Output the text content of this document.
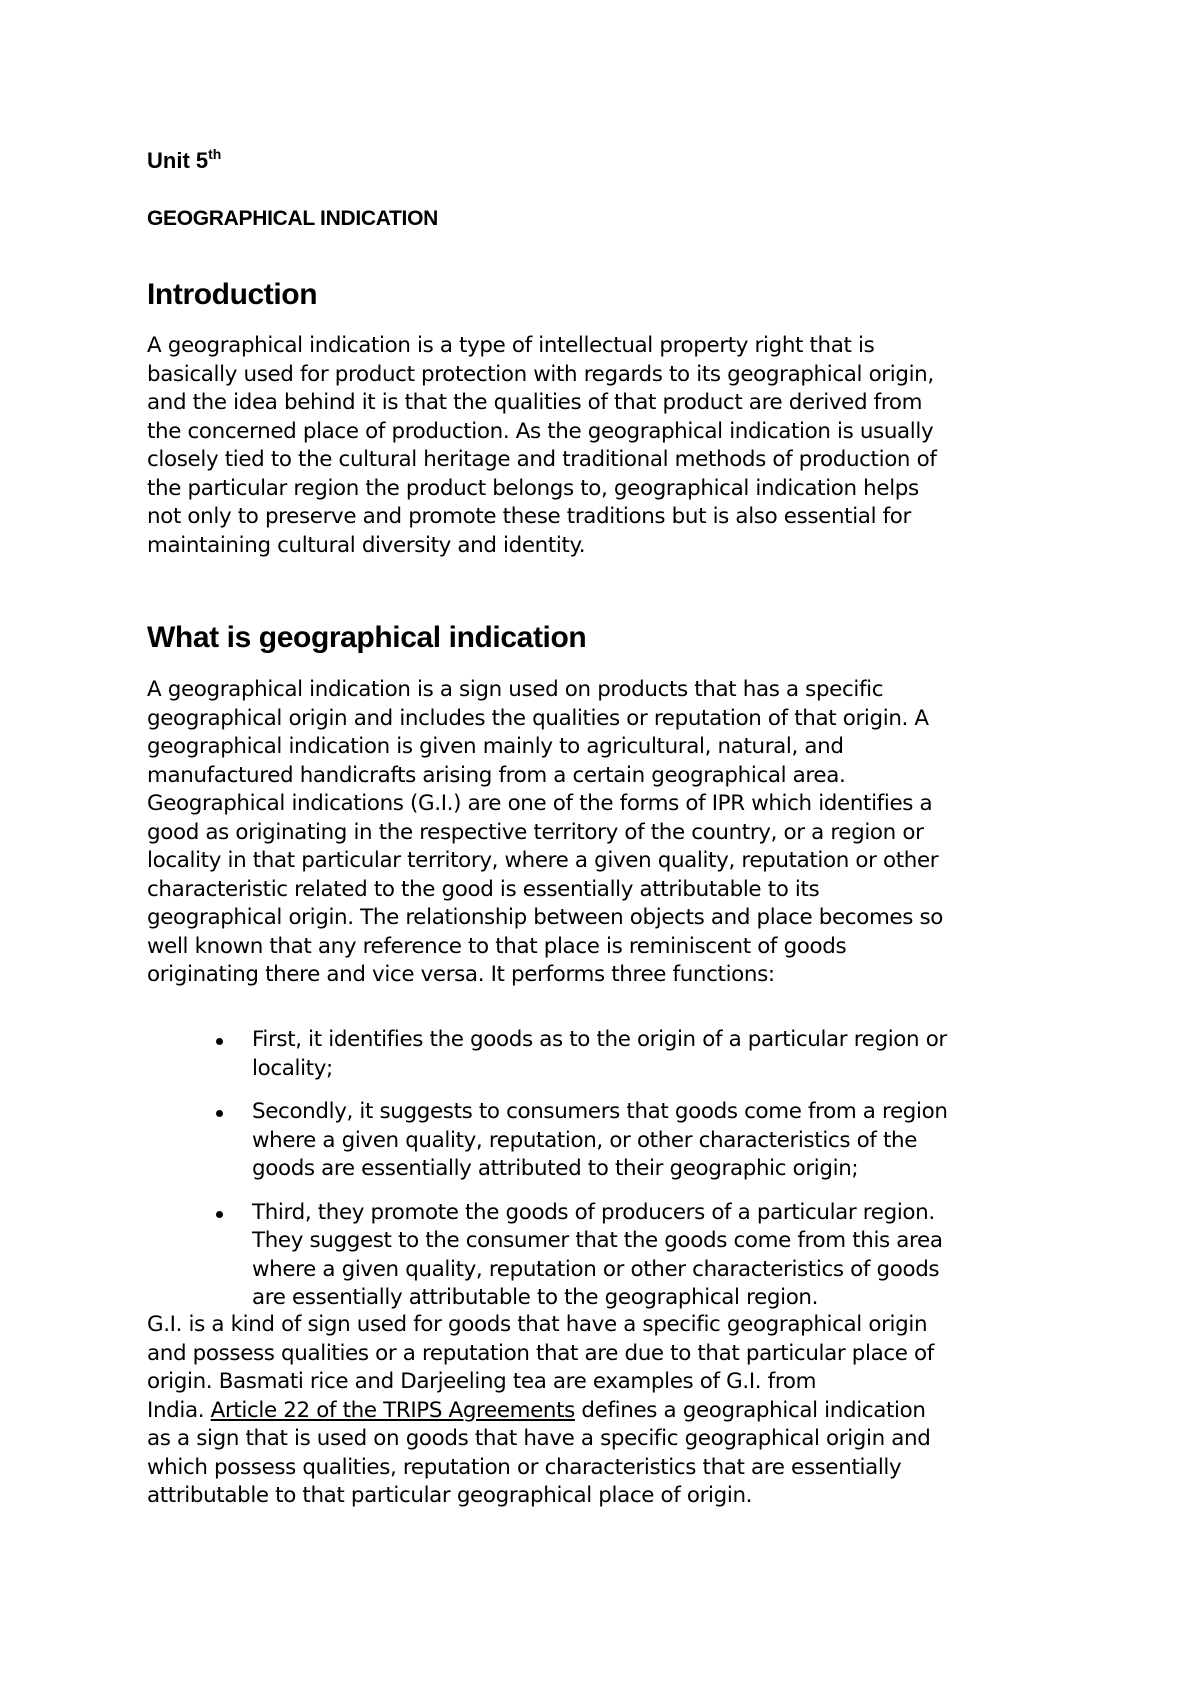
Unit 5th
GEOGRAPHICAL INDICATION
Introduction

A geographical indication is a type of intellectual property right that is
basically used for product protection with regards to its geographical origin,
and the idea behind it is that the qualities of that product are derived from
the concerned place of production. As the geographical indication is usually
closely tied to the cultural heritage and traditional methods of production of
the particular region the product belongs to, geographical indication helps
not only to preserve and promote these traditions but is also essential for
maintaining cultural diversity and identity.

What is geographical indication

A geographical indication is a sign used on products that has a specific
geographical origin and includes the qualities or reputation of that origin. A
geographical indication is given mainly to agricultural, natural, and
manufactured handicrafts arising from a certain geographical area.
Geographical indications (G.I.) are one of the forms of IPR which identifies a
good as originating in the respective territory of the country, or a region or
locality in that particular territory, where a given quality, reputation or other
characteristic related to the good is essentially attributable to its
geographical origin. The relationship between objects and place becomes so
well known that any reference to that place is reminiscent of goods
originating there and vice versa. It performs three functions:

First, it identifies the goods as to the origin of a particular region or
locality;
Secondly, it suggests to consumers that goods come from a region
where a given quality, reputation, or other characteristics of the
goods are essentially attributed to their geographic origin;
Third, they promote the goods of producers of a particular region.
They suggest to the consumer that the goods come from this area
where a given quality, reputation or other characteristics of goods
are essentially attributable to the geographical region.

G.I. is a kind of sign used for goods that have a specific geographical origin
and possess qualities or a reputation that are due to that particular place of
origin. Basmati rice and Darjeeling tea are examples of G.I. from
India. Article 22 of the TRIPS Agreements defines a geographical indication
as a sign that is used on goods that have a specific geographical origin and
which possess qualities, reputation or characteristics that are essentially
attributable to that particular geographical place of origin.
